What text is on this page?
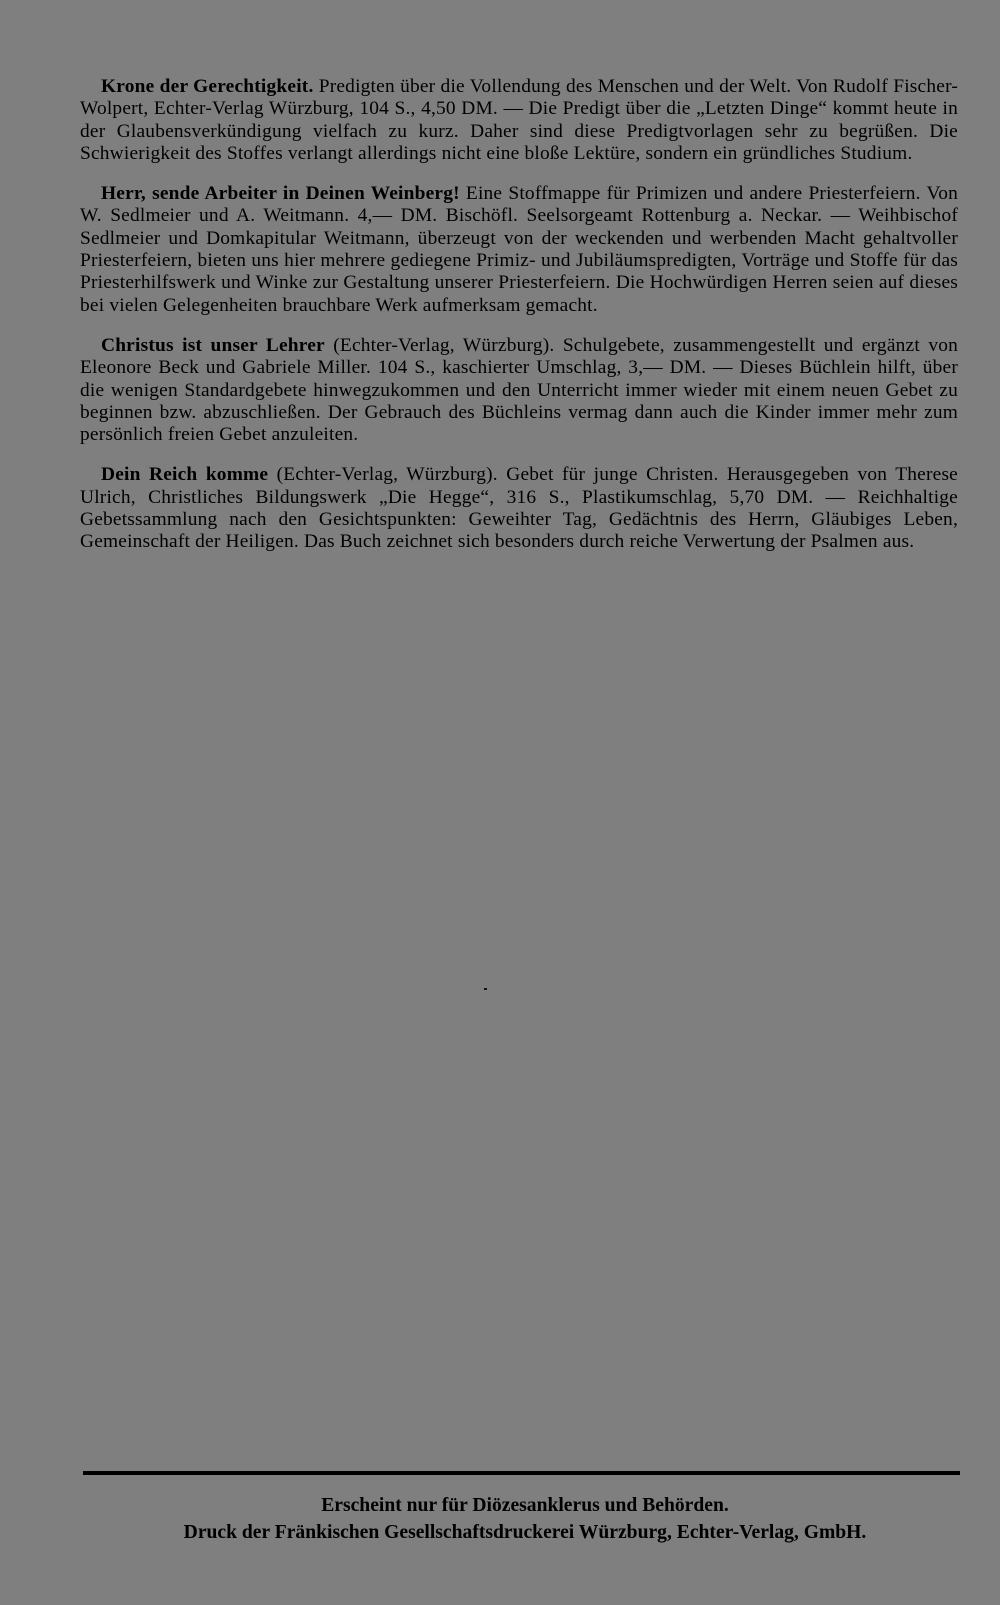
Krone der Gerechtigkeit. Predigten über die Vollendung des Menschen und der Welt. Von Rudolf Fischer-Wolpert, Echter-Verlag Würzburg, 104 S., 4,50 DM. — Die Predigt über die „Letzten Dinge“ kommt heute in der Glaubensverkündigung vielfach zu kurz. Daher sind diese Predigtvorlagen sehr zu begrüßen. Die Schwierigkeit des Stoffes verlangt allerdings nicht eine bloße Lektüre, sondern ein gründliches Studium.

Herr, sende Arbeiter in Deinen Weinberg! Eine Stoffmappe für Primizen und andere Priesterfeiern. Von W. Sedlmeier und A. Weitmann. 4,— DM. Bischöfl. Seelsorgeamt Rottenburg a. Neckar. — Weihbischof Sedlmeier und Domkapitular Weitmann, überzeugt von der weckenden und werbenden Macht gehaltvoller Priesterfeiern, bieten uns hier mehrere gediegene Primiz- und Jubiläumspredigten, Vorträge und Stoffe für das Priesterhilfswerk und Winke zur Gestaltung unserer Priesterfeiern. Die Hochwürdigen Herren seien auf dieses bei vielen Gelegenheiten brauchbare Werk aufmerksam gemacht.

Christus ist unser Lehrer (Echter-Verlag, Würzburg). Schulgebete, zusammengestellt und ergänzt von Eleonore Beck und Gabriele Miller. 104 S., kaschierter Umschlag, 3,— DM. — Dieses Büchlein hilft, über die wenigen Standardgebete hinwegzukommen und den Unterricht immer wieder mit einem neuen Gebet zu beginnen bzw. abzuschließen. Der Gebrauch des Büchleins vermag dann auch die Kinder immer mehr zum persönlich freien Gebet anzuleiten.

Dein Reich komme (Echter-Verlag, Würzburg). Gebet für junge Christen. Herausgegeben von Therese Ulrich, Christliches Bildungswerk „Die Hegge“, 316 S., Plastikumschlag, 5,70 DM. — Reichhaltige Gebetssammlung nach den Gesichtspunkten: Geweihter Tag, Gedächtnis des Herrn, Gläubiges Leben, Gemeinschaft der Heiligen. Das Buch zeichnet sich besonders durch reiche Verwertung der Psalmen aus.

Erscheint nur für Diözesanklerus und Behörden.
Druck der Fränkischen Gesellschaftsdruckerei Würzburg, Echter-Verlag, GmbH.
